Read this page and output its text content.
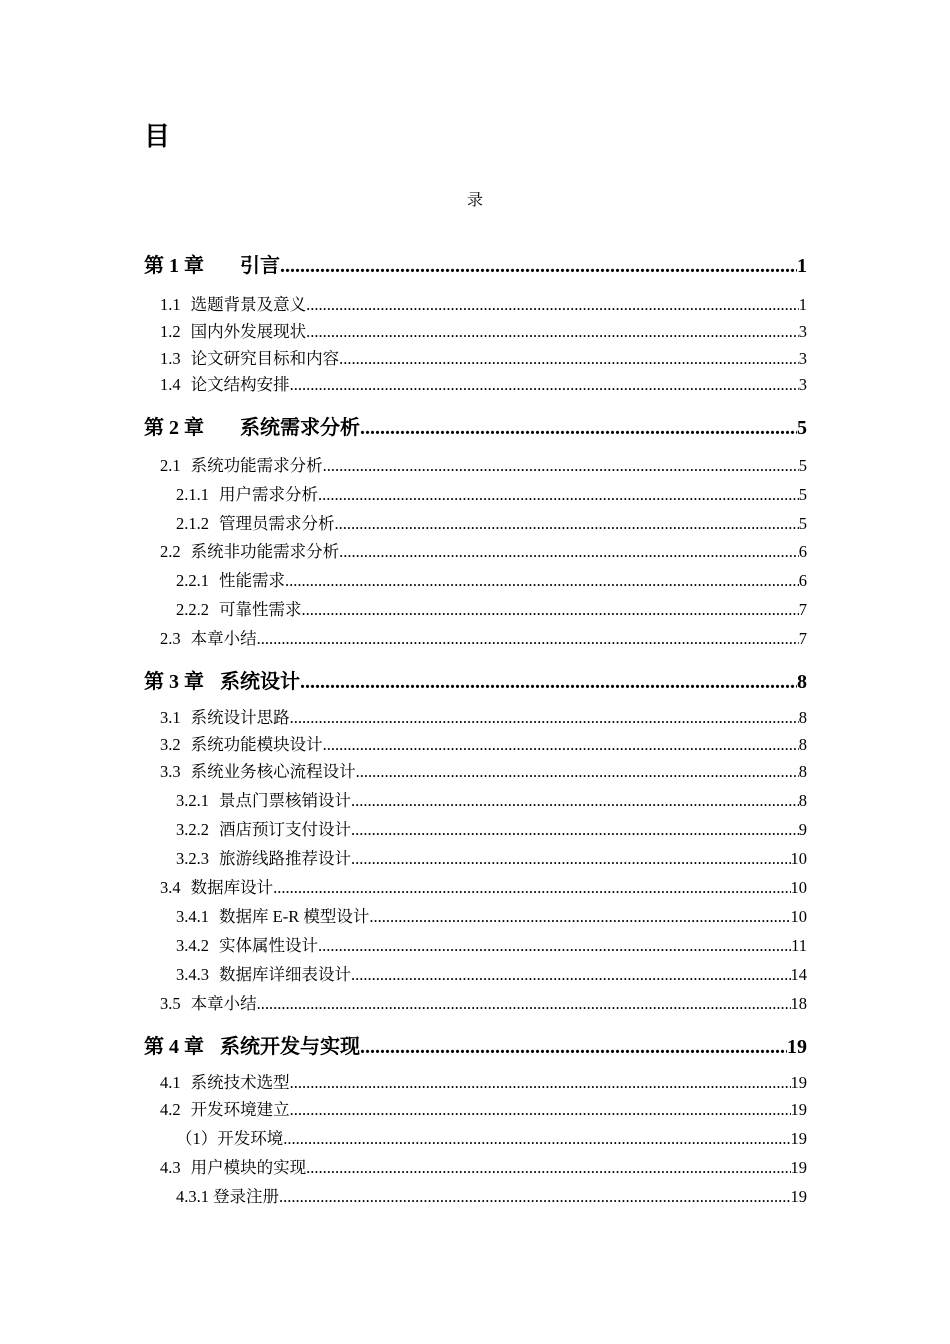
目
录
第 1 章 　引言 .....	1
1.1 选题背景及意义 .....	1
1.2 国内外发展现状 .....	3
1.3 论文研究目标和内容 .....	3
1.4 论文结构安排 .....	3
第 2 章 　系统需求分析 .....	5
2.1 系统功能需求分析 .....	5
2.1.1 用户需求分析 .....	5
2.1.2 管理员需求分析 .....	5
2.2 系统非功能需求分析 .....	6
2.2.1 性能需求 .....	6
2.2.2 可靠性需求 .....	7
2.3 本章小结 .....	7
第 3 章 系统设计 .....	8
3.1 系统设计思路 .....	8
3.2 系统功能模块设计 .....	8
3.3 系统业务核心流程设计 .....	8
3.2.1 景点门票核销设计 .....	8
3.2.2 酒店预订支付设计 .....	9
3.2.3 旅游线路推荐设计 .....	10
3.4 数据库设计 .....	10
3.4.1 数据库 E-R 模型设计 .....	10
3.4.2 实体属性设计 .....	11
3.4.3 数据库详细表设计 .....	14
3.5 本章小结 .....	18
第 4 章 系统开发与实现 .....	19
4.1 系统技术选型 .....	19
4.2 开发环境建立 .....	19
（1） 开发环境 .....	19
4.3 用户模块的实现 .....	19
4.3.1 登录注册 .....	19
